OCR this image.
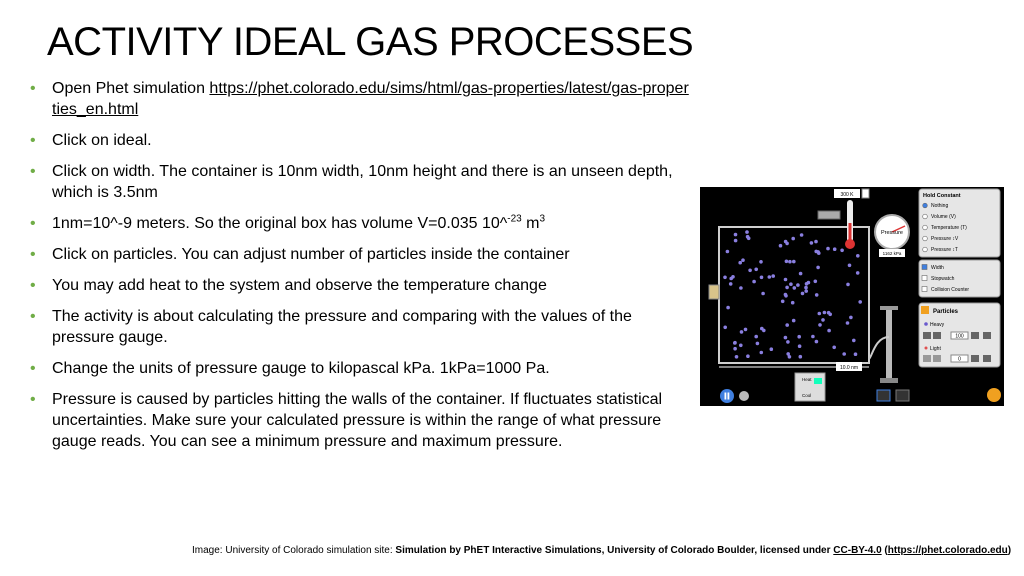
ACTIVITY IDEAL GAS PROCESSES
• Open Phet simulation https://phet.colorado.edu/sims/html/gas-properties/latest/gas-properties_en.html
• Click on ideal.
• Click on width. The container is 10nm width, 10nm height and there is an unseen depth, which is 3.5nm
• 1nm=10^-9 meters. So the original box has volume V=0.035 10^$^{-23}$ $m^3$
• Click on particles. You can adjust number of particles inside the container
• You may add heat to the system and observe the temperature change
• The activity is about calculating the pressure and comparing with the values of the pressure gauge.
• Change the units of pressure gauge to kilopascal kPa. 1kPa=1000 Pa.
• Pressure is caused by particles hitting the walls of the container. If fluctuates statistical uncertainties. Make sure your calculated pressure is within the range of what pressure gauge reads. You can see a minimum pressure and maximum pressure.
10.0 nm
300 K
Pressure
1162 kPa
Heat
Cool
Hold Constant
Nothing
Volume (V)
Temperature (T)
Pressure ↕V
Pressure ↕T
Width
Stopwatch
Collision Counter
Particles
Heavy
100
Light
0
Image: University of Colorado simulation site: Simulation by PhET Interactive Simulations, University of Colorado Boulder, licensed under CC-BY-4.0 (https://phet.colorado.edu)
